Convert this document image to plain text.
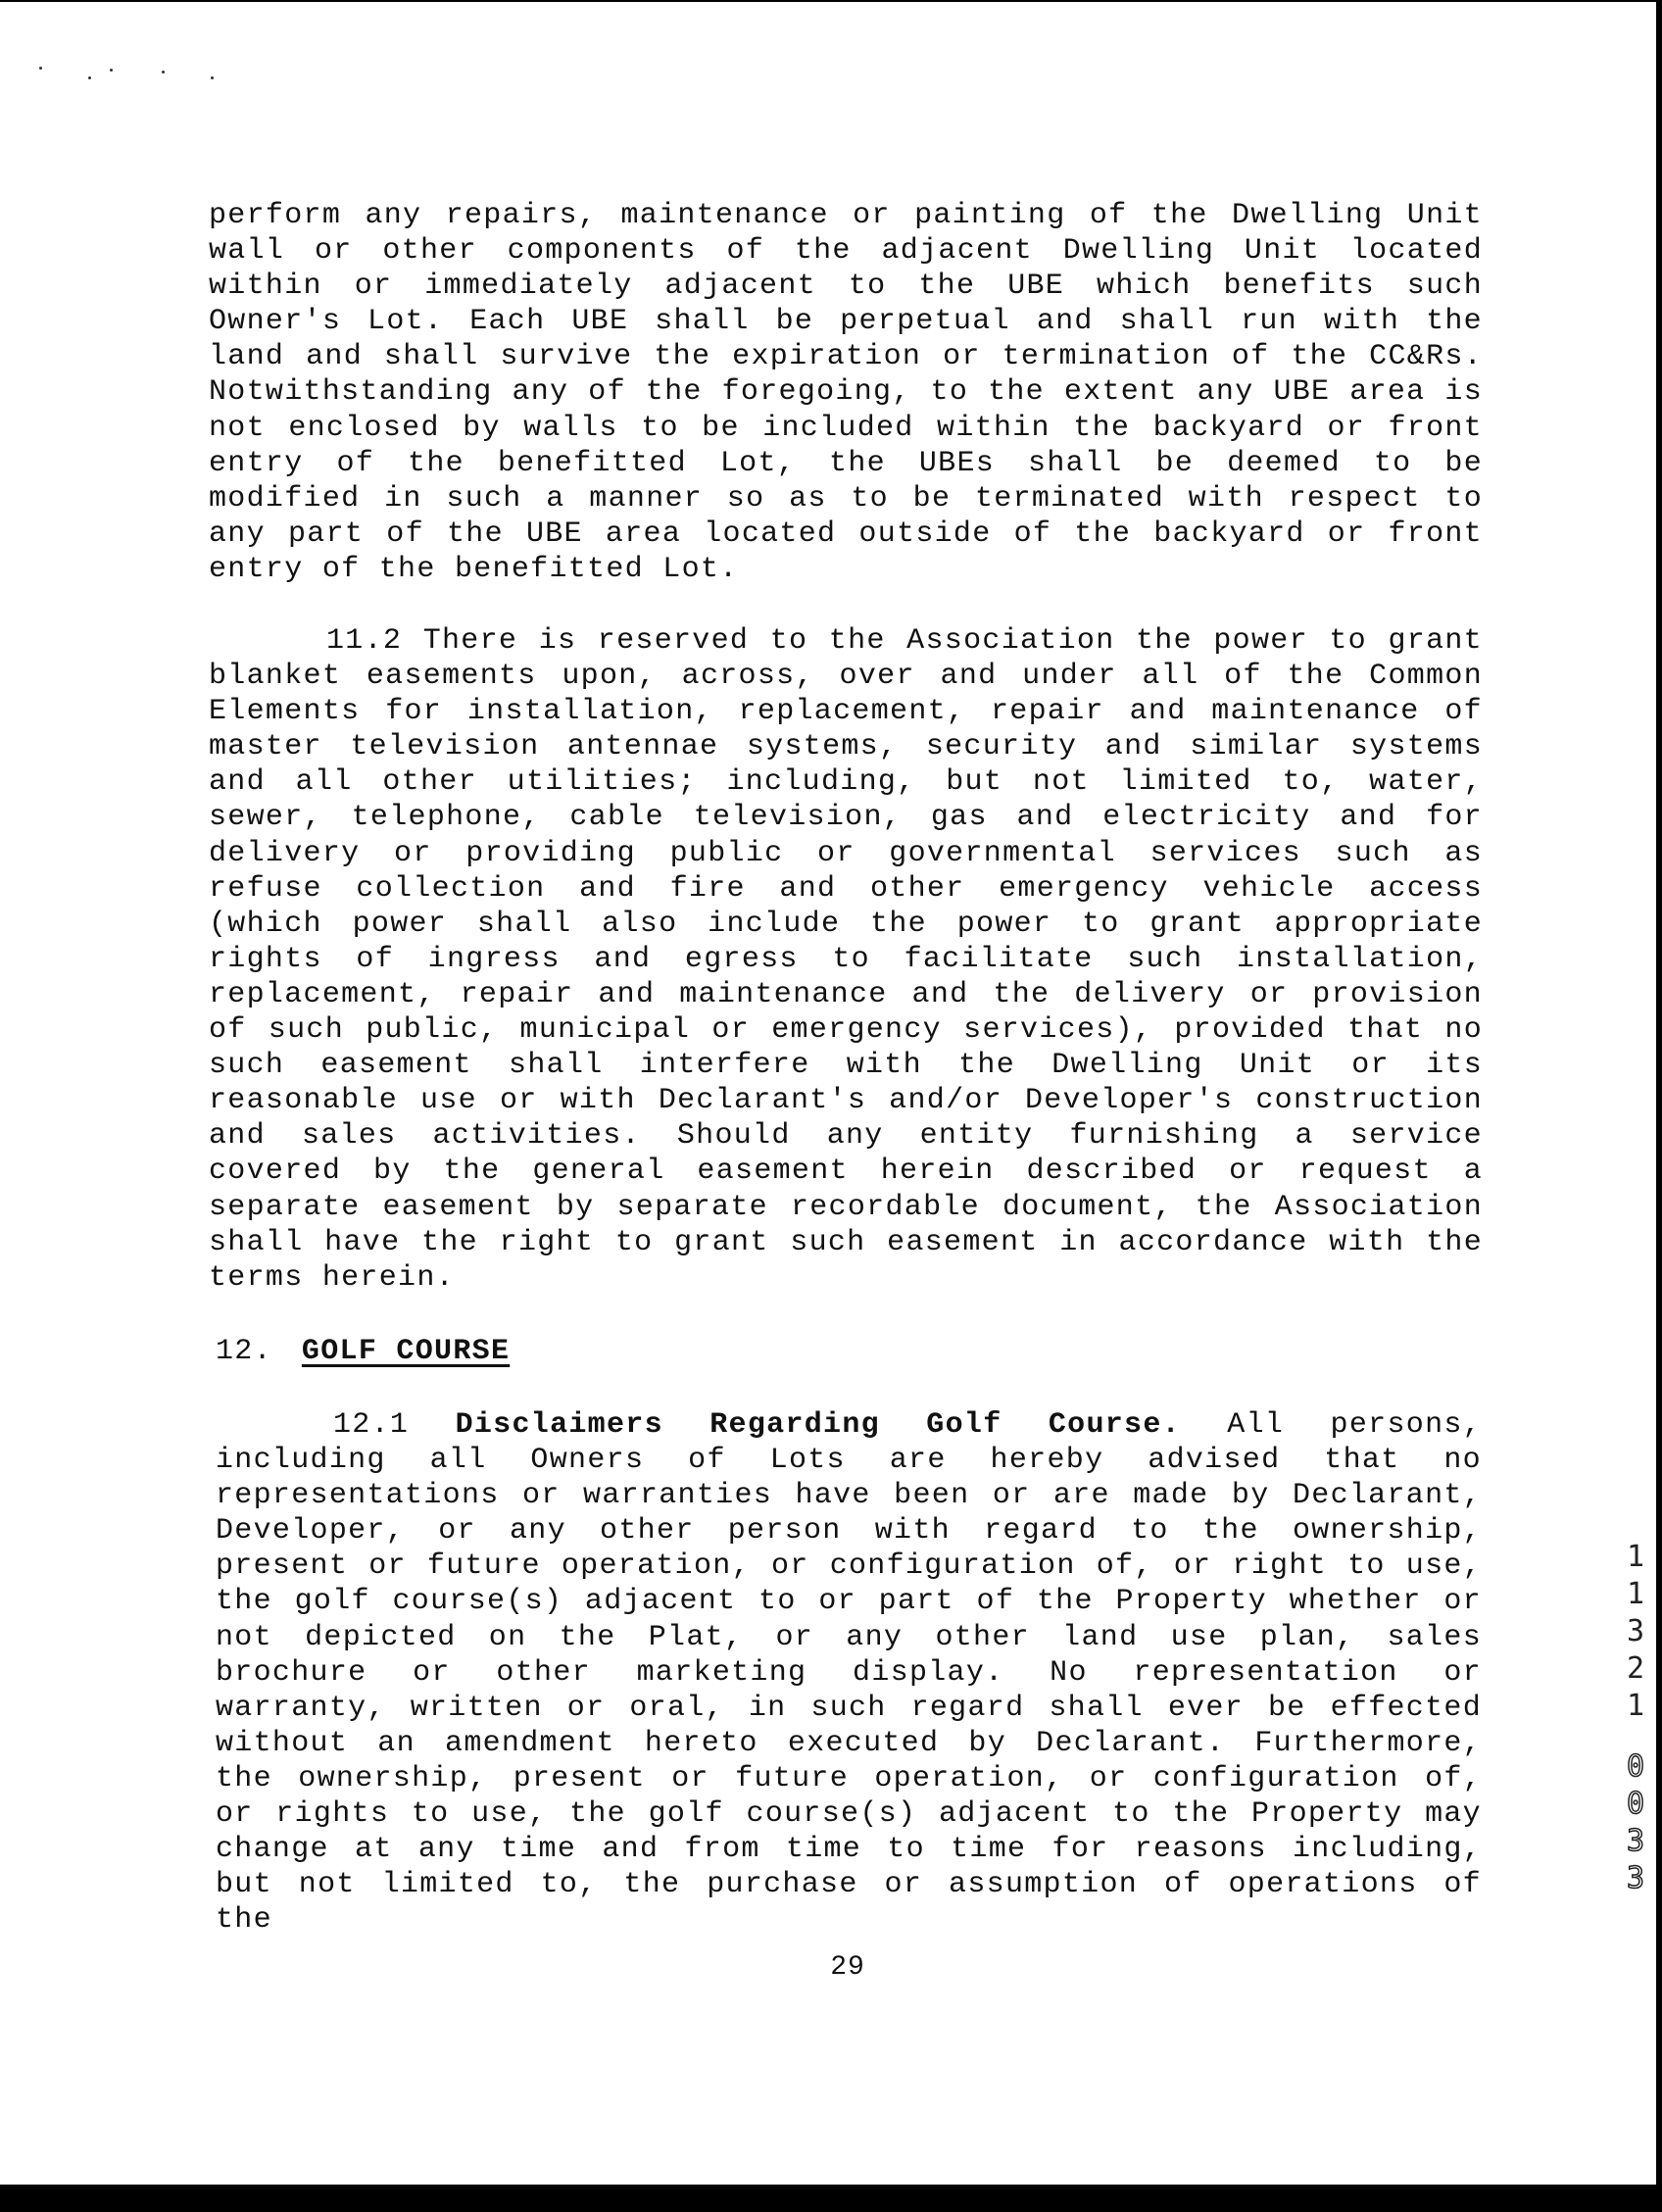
perform any repairs, maintenance or painting of the Dwelling Unit wall or other components of the adjacent Dwelling Unit located within or immediately adjacent to the UBE which benefits such Owner's Lot. Each UBE shall be perpetual and shall run with the land and shall survive the expiration or termination of the CC&Rs. Notwithstanding any of the foregoing, to the extent any UBE area is not enclosed by walls to be included within the backyard or front entry of the benefitted Lot, the UBEs shall be deemed to be modified in such a manner so as to be terminated with respect to any part of the UBE area located outside of the backyard or front entry of the benefitted Lot.

11.2 There is reserved to the Association the power to grant blanket easements upon, across, over and under all of the Common Elements for installation, replacement, repair and maintenance of master television antennae systems, security and similar systems and all other utilities; including, but not limited to, water, sewer, telephone, cable television, gas and electricity and for delivery or providing public or governmental services such as refuse collection and fire and other emergency vehicle access (which power shall also include the power to grant appropriate rights of ingress and egress to facilitate such installation, replacement, repair and maintenance and the delivery or provision of such public, municipal or emergency services), provided that no such easement shall interfere with the Dwelling Unit or its reasonable use or with Declarant's and/or Developer's construction and sales activities. Should any entity furnishing a service covered by the general easement herein described or request a separate easement by separate recordable document, the Association shall have the right to grant such easement in accordance with the terms herein.

12. GOLF COURSE

12.1 Disclaimers Regarding Golf Course. All persons, including all Owners of Lots are hereby advised that no representations or warranties have been or are made by Declarant, Developer, or any other person with regard to the ownership, present or future operation, or configuration of, or right to use, the golf course(s) adjacent to or part of the Property whether or not depicted on the Plat, or any other land use plan, sales brochure or other marketing display. No representation or warranty, written or oral, in such regard shall ever be effected without an amendment hereto executed by Declarant. Furthermore, the ownership, present or future operation, or configuration of, or rights to use, the golf course(s) adjacent to the Property may change at any time and from time to time for reasons including, but not limited to, the purchase or assumption of operations of the

29
1
1
3
2
1
0
0
3
3
